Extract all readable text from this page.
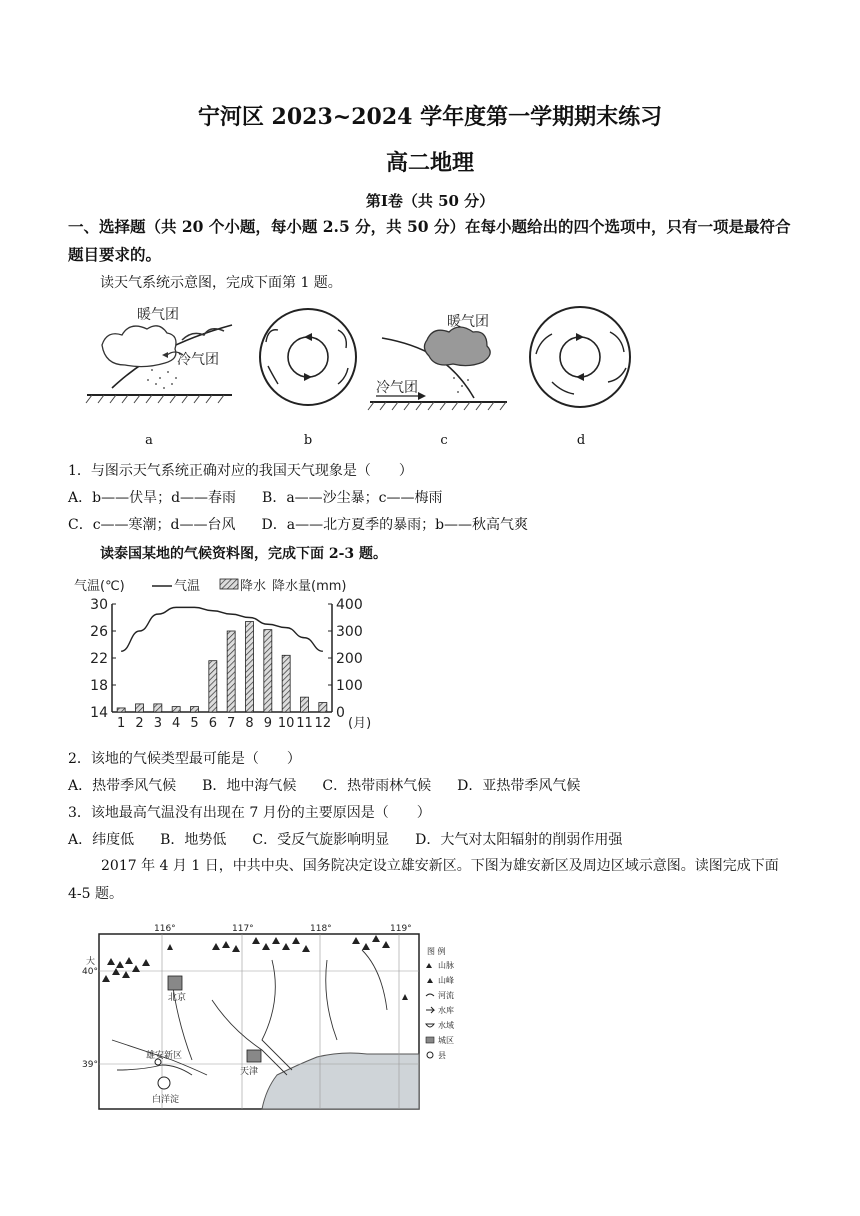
宁河区 2023~2024 学年度第一学期期末练习
高二地理
第Ⅰ卷（共 50 分）
一、选择题（共 20 个小题，每小题 2.5 分，共 50 分）在每小题给出的四个选项中，只有一项是最符合题目要求的。
读天气系统示意图，完成下面第 1 题。
暖气团
冷气团
暖气团
冷气团
a	b	c	d
1．与图示天气系统正确对应的我国天气现象是（　　）
A．b——伏旱；d——春雨 B．a——沙尘暴；c——梅雨
C．c——寒潮；d——台风 D．a——北方夏季的暴雨；b——秋高气爽
读泰国某地的气候资料图，完成下面 2-3 题。
气温(℃)	气温	降水 降水量(mm)
30
26
22
18
14
400
300
200
100
0
1 2 3 4 5 6 7 8 9 10 11 12 (月)
2．该地的气候类型最可能是（　　）
A．热带季风气候 B．地中海气候 C．热带雨林气候 D．亚热带季风气候
3．该地最高气温没有出现在 7 月份的主要原因是（　　）
A．纬度低 B．地势低 C．受反气旋影响明显 D．大气对太阳辐射的削弱作用强
2017 年 4 月 1 日，中共中央、国务院决定设立雄安新区。下图为雄安新区及周边区域示意图。读图完成下面 4-5 题。
116°	117°	118°	119°
40°
39°
北京
雄安新区
天津
白洋淀
大
图 例
山脉
山峰
河流
水库
水域
城区
县
